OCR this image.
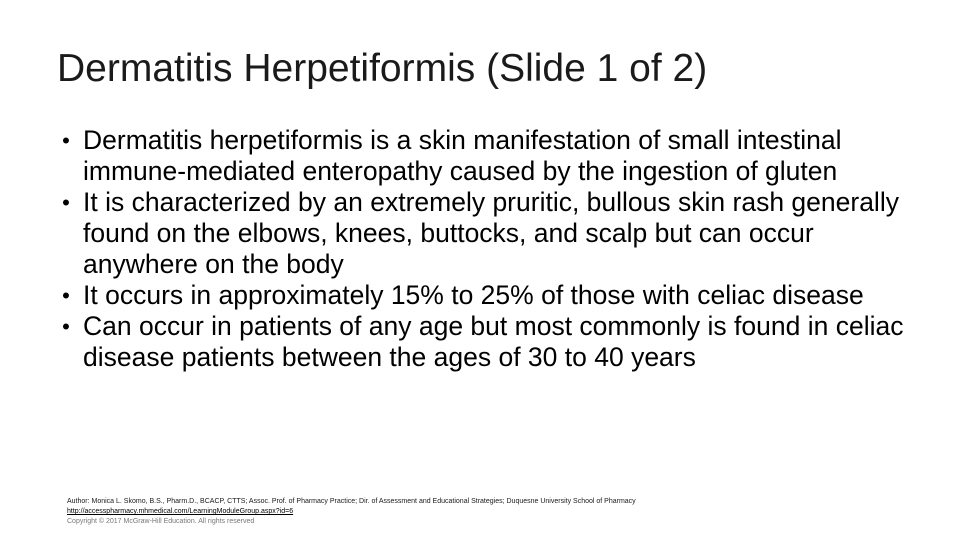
Dermatitis Herpetiformis (Slide 1 of 2)
• Dermatitis herpetiformis is a skin manifestation of small intestinal immune-mediated enteropathy caused by the ingestion of gluten
• It is characterized by an extremely pruritic, bullous skin rash generally found on the elbows, knees, buttocks, and scalp but can occur anywhere on the body
• It occurs in approximately 15% to 25% of those with celiac disease
• Can occur in patients of any age but most commonly is found in celiac disease patients between the ages of 30 to 40 years
Author: Monica L. Skomo, B.S., Pharm.D., BCACP, CTTS; Assoc. Prof. of Pharmacy Practice; Dir. of Assessment and Educational Strategies; Duquesne University School of Pharmacy
http://accesspharmacy.mhmedical.com/LearningModuleGroup.aspx?id=6
Copyright © 2017 McGraw-Hill Education. All rights reserved
